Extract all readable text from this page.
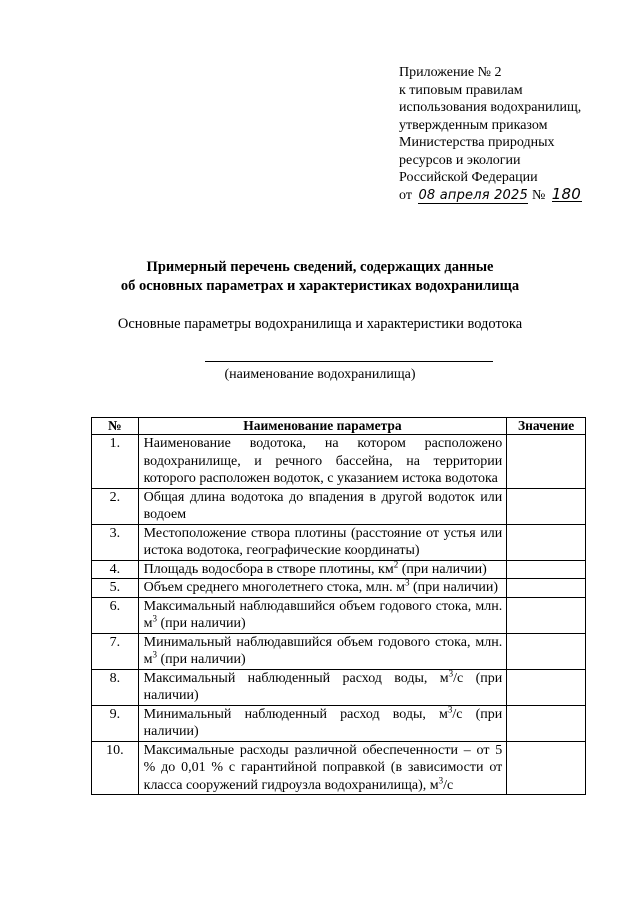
Приложение № 2
к типовым правилам
использования водохранилищ,
утвержденным приказом
Министерства природных
ресурсов и экологии
Российской Федерации
от 08 апреля 2025 № 180
Примерный перечень сведений, содержащих данные
об основных параметрах и характеристиках водохранилища
Основные параметры водохранилища и характеристики водотока
(наименование водохранилища)
№	Наименование параметра	Значение
1.	Наименование водотока, на котором расположено водохранилище, и речного бассейна, на территории которого расположен водоток, с указанием истока водотока	
2.	Общая длина водотока до впадения в другой водоток или водоем	
3.	Местоположение створа плотины (расстояние от устья или истока водотока, географические координаты)	
4.	Площадь водосбора в створе плотины, $км^2$ (при наличии)	
5.	Объем среднего многолетнего стока, млн. $м^3$ (при наличии)	
6.	Максимальный наблюдавшийся объем годового стока, млн. $м^3$ (при наличии)	
7.	Минимальный наблюдавшийся объем годового стока, млн. $м^3$ (при наличии)	
8.	Максимальный наблюденный расход воды, $м^3/с$ (при наличии)	
9.	Минимальный наблюденный расход воды, $м^3/с$ (при наличии)	
10.	Максимальные расходы различной обеспеченности – от 5 % до 0,01 % с гарантийной поправкой (в зависимости от класса сооружений гидроузла водохранилища), $м^3/с$	
